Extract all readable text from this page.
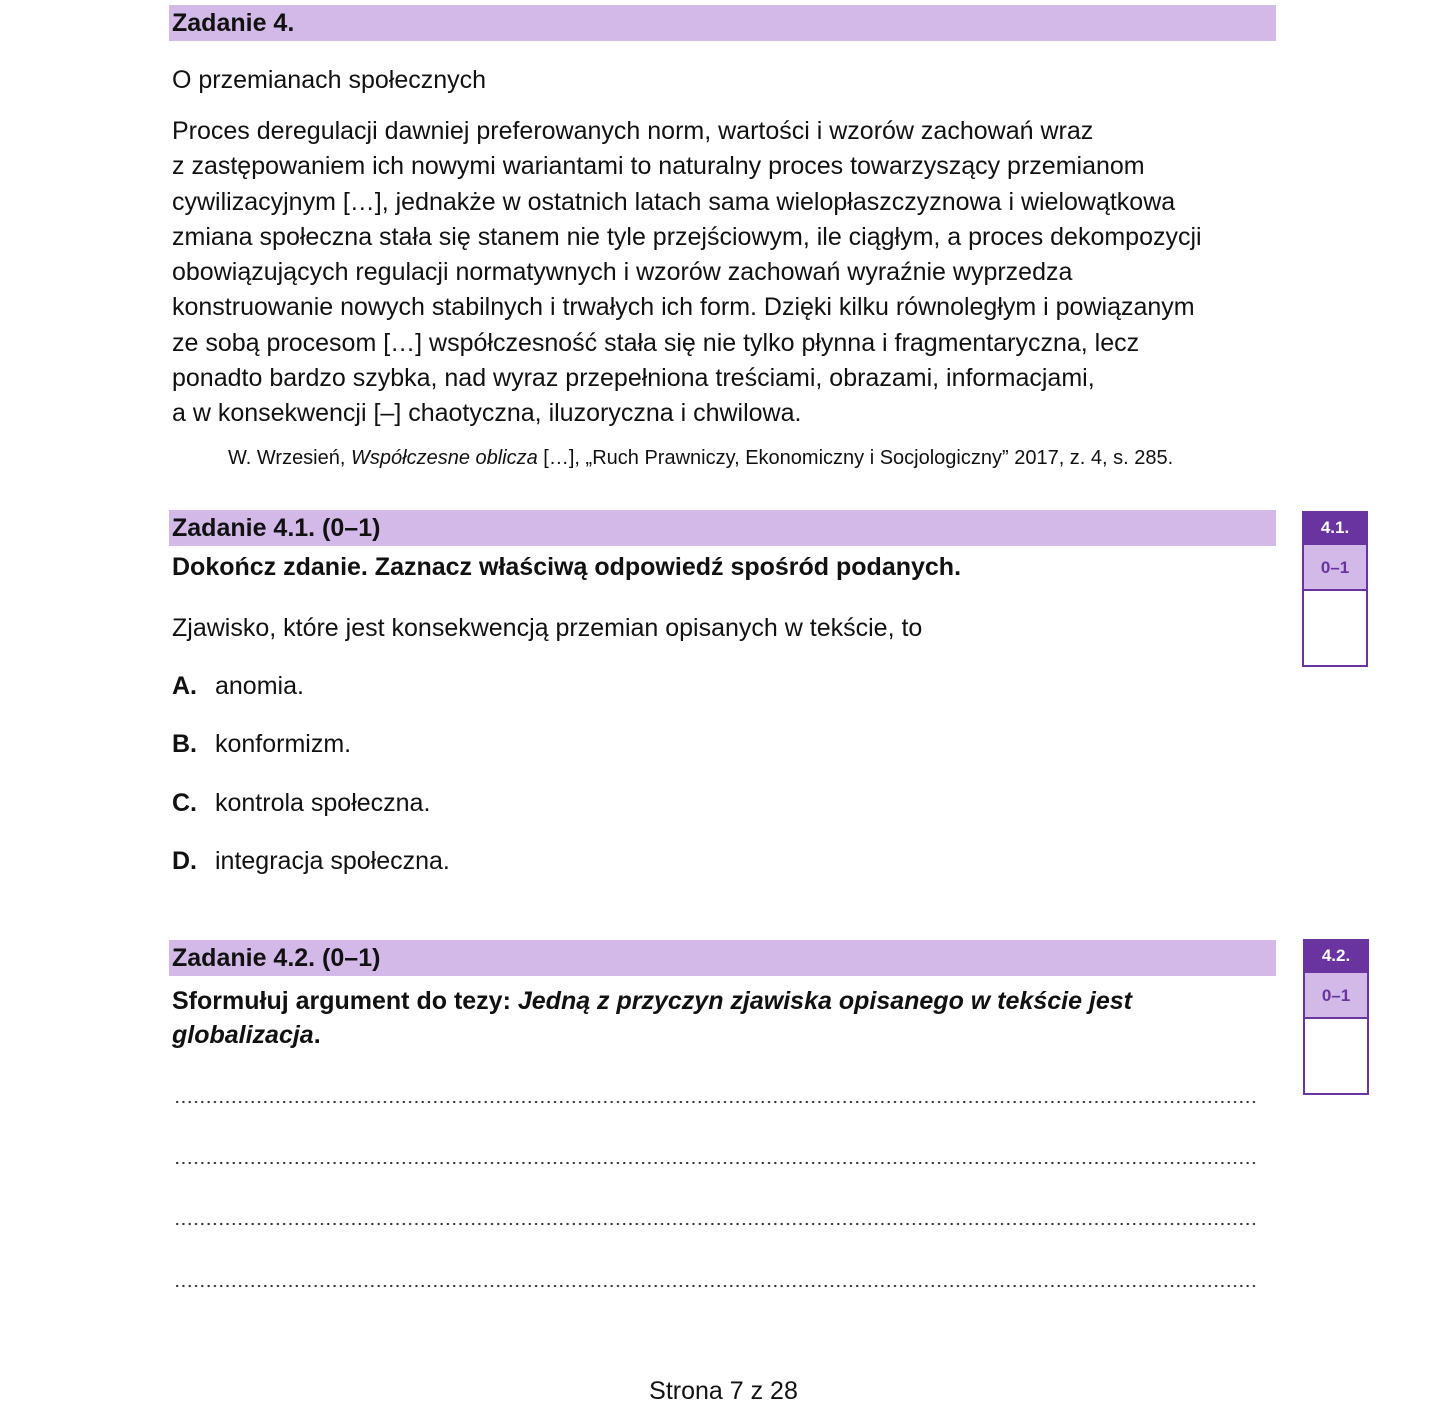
Zadanie 4.
O przemianach społecznych
Proces deregulacji dawniej preferowanych norm, wartości i wzorów zachowań wraz
z zastępowaniem ich nowymi wariantami to naturalny proces towarzyszący przemianom
cywilizacyjnym […], jednakże w ostatnich latach sama wielopłaszczyznowa i wielowątkowa
zmiana społeczna stała się stanem nie tyle przejściowym, ile ciągłym, a proces dekompozycji
obowiązujących regulacji normatywnych i wzorów zachowań wyraźnie wyprzedza
konstruowanie nowych stabilnych i trwałych ich form. Dzięki kilku równoległym i powiązanym
ze sobą procesom […] współczesność stała się nie tylko płynna i fragmentaryczna, lecz
ponadto bardzo szybka, nad wyraz przepełniona treściami, obrazami, informacjami,
a w konsekwencji [–] chaotyczna, iluzoryczna i chwilowa.
W. Wrzesień, Współczesne oblicza […], „Ruch Prawniczy, Ekonomiczny i Socjologiczny” 2017, z. 4, s. 285.
Zadanie 4.1. (0–1)
Dokończ zdanie. Zaznacz właściwą odpowiedź spośród podanych.
Zjawisko, które jest konsekwencją przemian opisanych w tekście, to
A. anomia.
B. konformizm.
C. kontrola społeczna.
D. integracja społeczna.
4.1.
0–1
Zadanie 4.2. (0–1)
Sformułuj argument do tezy: Jedną z przyczyn zjawiska opisanego w tekście jest
globalizacja.
4.2.
0–1
Strona 7 z 28
